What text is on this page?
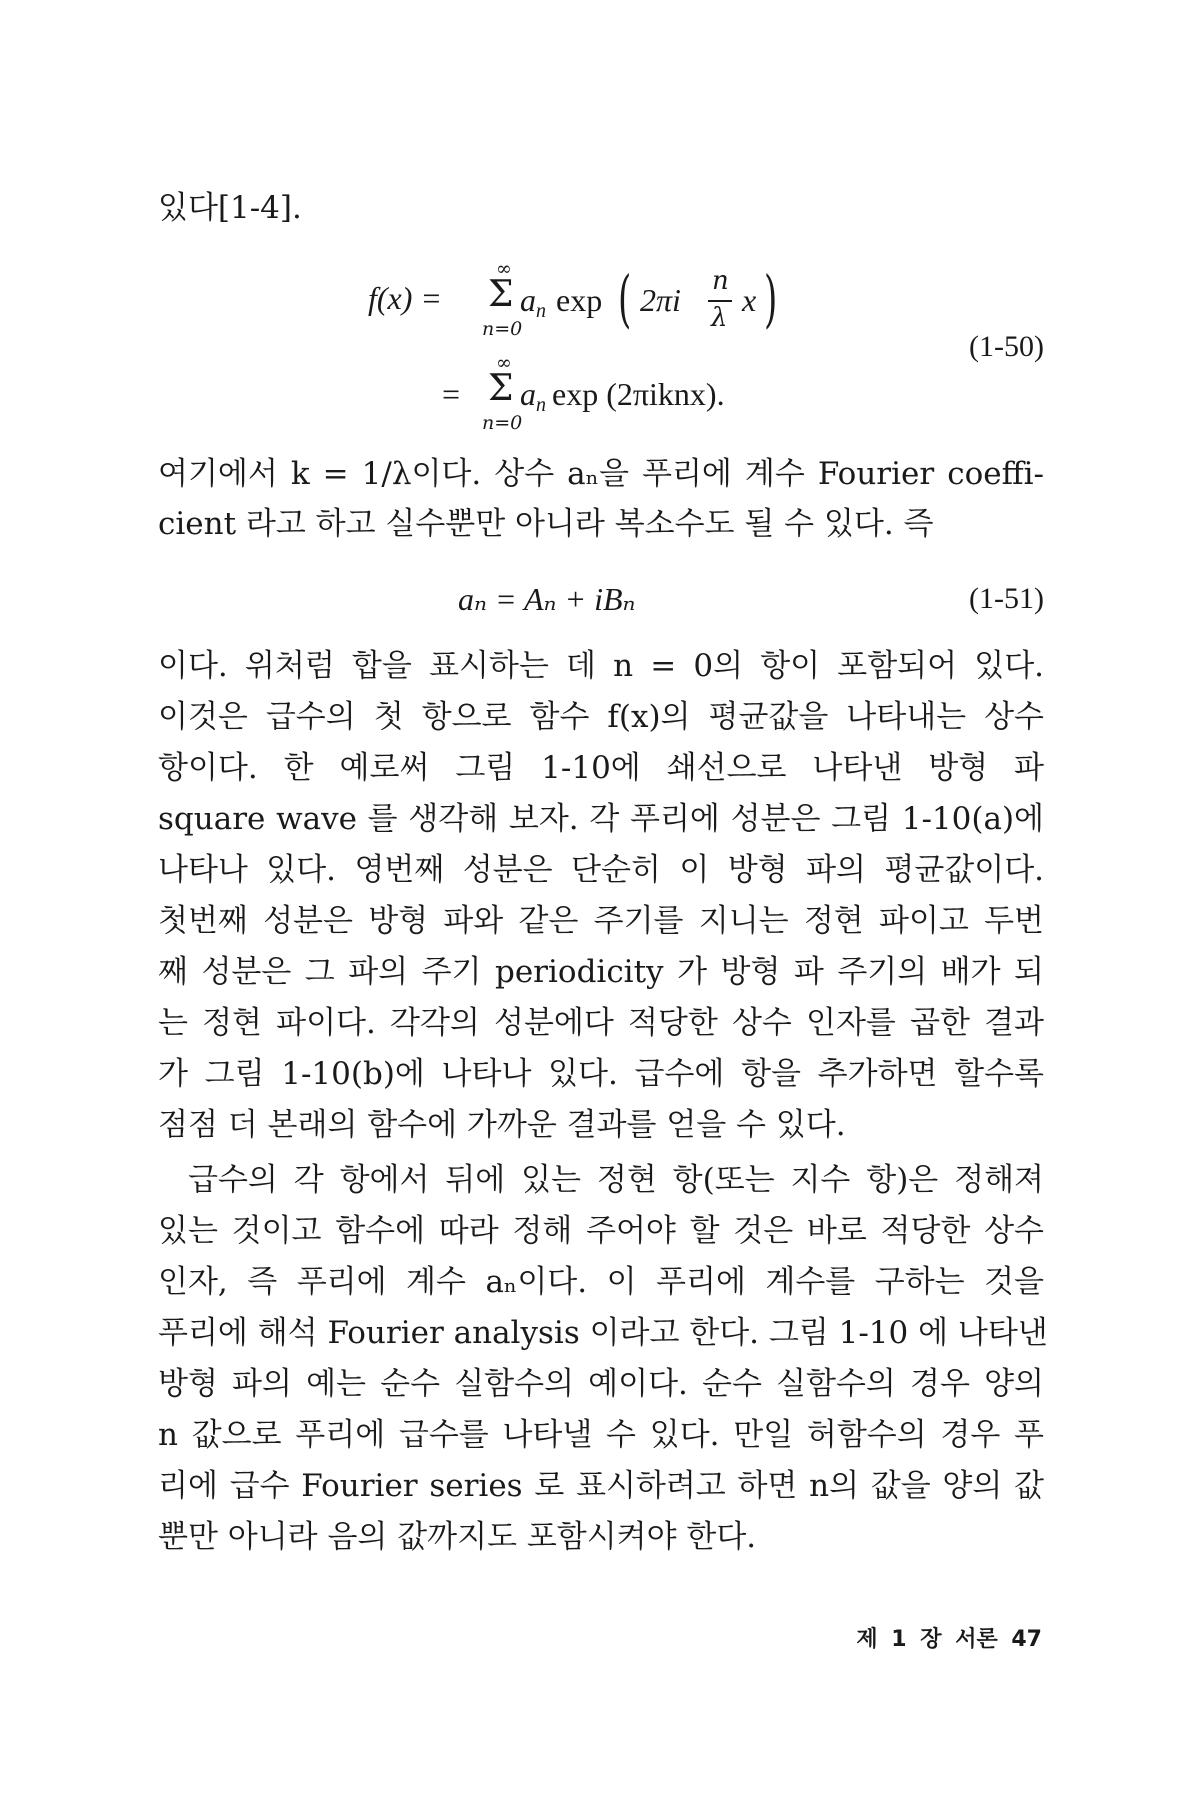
있다[1-4].
f(x) =
∞
Σ
n=0
$a_n$ exp ( 2πi
n
λ x )
=
∞
Σ
n=0
$a_n$ exp (2πiknx).
(1-50)
여기에서 k = 1/λ이다. 상수 aₙ을 푸리에 계수 Fourier coeffi-
cient 라고 하고 실수뿐만 아니라 복소수도 될 수 있다. 즉
aₙ = Aₙ + iBₙ	(1-51)
이다. 위처럼 합을 표시하는 데 n = 0의 항이 포함되어 있다.
이것은 급수의 첫 항으로 함수 f(x)의 평균값을 나타내는 상수
항이다. 한 예로써 그림 1-10에 쇄선으로 나타낸 방형 파
square wave 를 생각해 보자. 각 푸리에 성분은 그림 1-10(a)에
나타나 있다. 영번째 성분은 단순히 이 방형 파의 평균값이다.
첫번째 성분은 방형 파와 같은 주기를 지니는 정현 파이고 두번
째 성분은 그 파의 주기 periodicity 가 방형 파 주기의 배가 되
는 정현 파이다. 각각의 성분에다 적당한 상수 인자를 곱한 결과
가 그림 1-10(b)에 나타나 있다. 급수에 항을 추가하면 할수록
점점 더 본래의 함수에 가까운 결과를 얻을 수 있다.
급수의 각 항에서 뒤에 있는 정현 항(또는 지수 항)은 정해져
있는 것이고 함수에 따라 정해 주어야 할 것은 바로 적당한 상수
인자, 즉 푸리에 계수 aₙ이다. 이 푸리에 계수를 구하는 것을
푸리에 해석 Fourier analysis 이라고 한다. 그림 1-10 에 나타낸
방형 파의 예는 순수 실함수의 예이다. 순수 실함수의 경우 양의
n 값으로 푸리에 급수를 나타낼 수 있다. 만일 허함수의 경우 푸
리에 급수 Fourier series 로 표시하려고 하면 n의 값을 양의 값
뿐만 아니라 음의 값까지도 포함시켜야 한다.
제 1 장 서론 47
